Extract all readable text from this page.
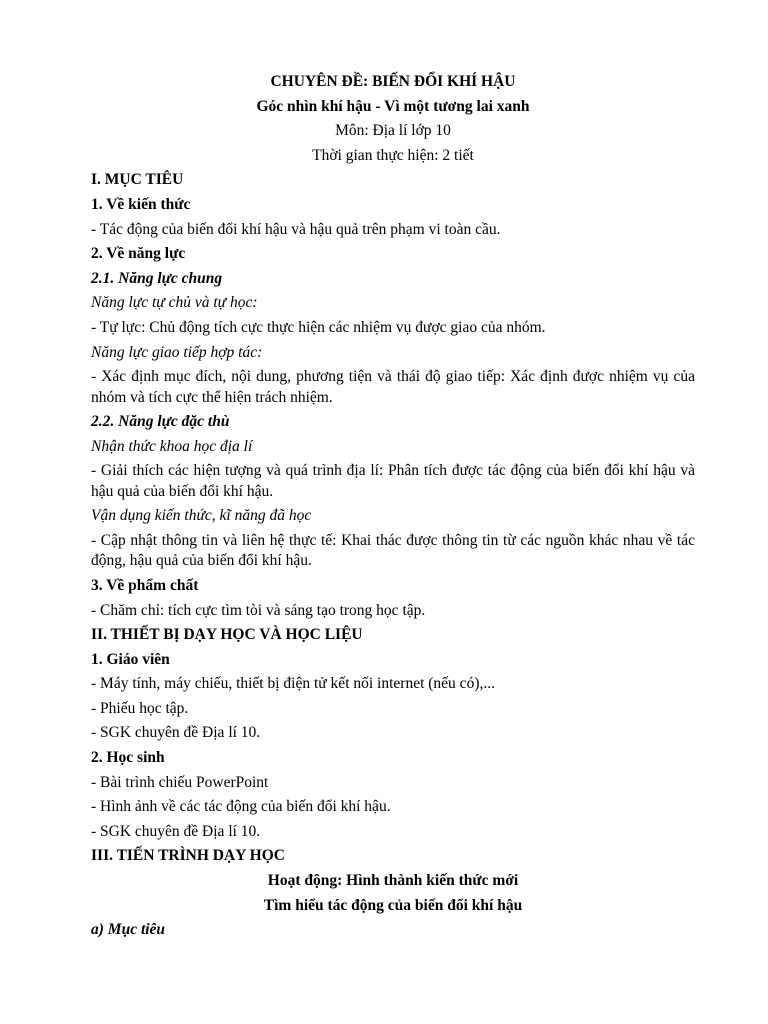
CHUYÊN ĐỀ: BIẾN ĐỔI KHÍ HẬU

Góc nhìn khí hậu - Vì một tương lai xanh

Môn: Địa lí lớp 10

Thời gian thực hiện: 2 tiết

I. MỤC TIÊU

1. Về kiến thức

- Tác động của biến đổi khí hậu và hậu quả trên phạm vi toàn cầu.

2. Về năng lực

2.1. Năng lực chung

Năng lực tự chủ và tự học:

- Tự lực: Chủ động tích cực thực hiện các nhiệm vụ được giao của nhóm.

Năng lực giao tiếp hợp tác:

- Xác định mục đích, nội dung, phương tiện và thái độ giao tiếp: Xác định được nhiệm vụ của nhóm và tích cực thể hiện trách nhiệm.

2.2. Năng lực đặc thù

Nhận thức khoa học địa lí

- Giải thích các hiện tượng và quá trình địa lí: Phân tích được tác động của biến đổi khí hậu và hậu quả của biến đổi khí hậu.

Vận dụng kiến thức, kĩ năng đã học

- Cập nhật thông tin và liên hệ thực tế: Khai thác được thông tin từ các nguồn khác nhau về tác động, hậu quả của biến đổi khí hậu.

3. Về phẩm chất

- Chăm chỉ: tích cực tìm tòi và sáng tạo trong học tập.

II. THIẾT BỊ DẠY HỌC VÀ HỌC LIỆU

1. Giáo viên

- Máy tính, máy chiếu, thiết bị điện tử kết nối internet (nếu có),...

- Phiếu học tập.

- SGK chuyên đề Địa lí 10.

2. Học sinh

- Bài trình chiếu PowerPoint

- Hình ảnh về các tác động của biến đổi khí hậu.

- SGK chuyên đề Địa lí 10.

III. TIẾN TRÌNH DẠY HỌC

Hoạt động: Hình thành kiến thức mới

Tìm hiểu tác động của biến đổi khí hậu

a) Mục tiêu
